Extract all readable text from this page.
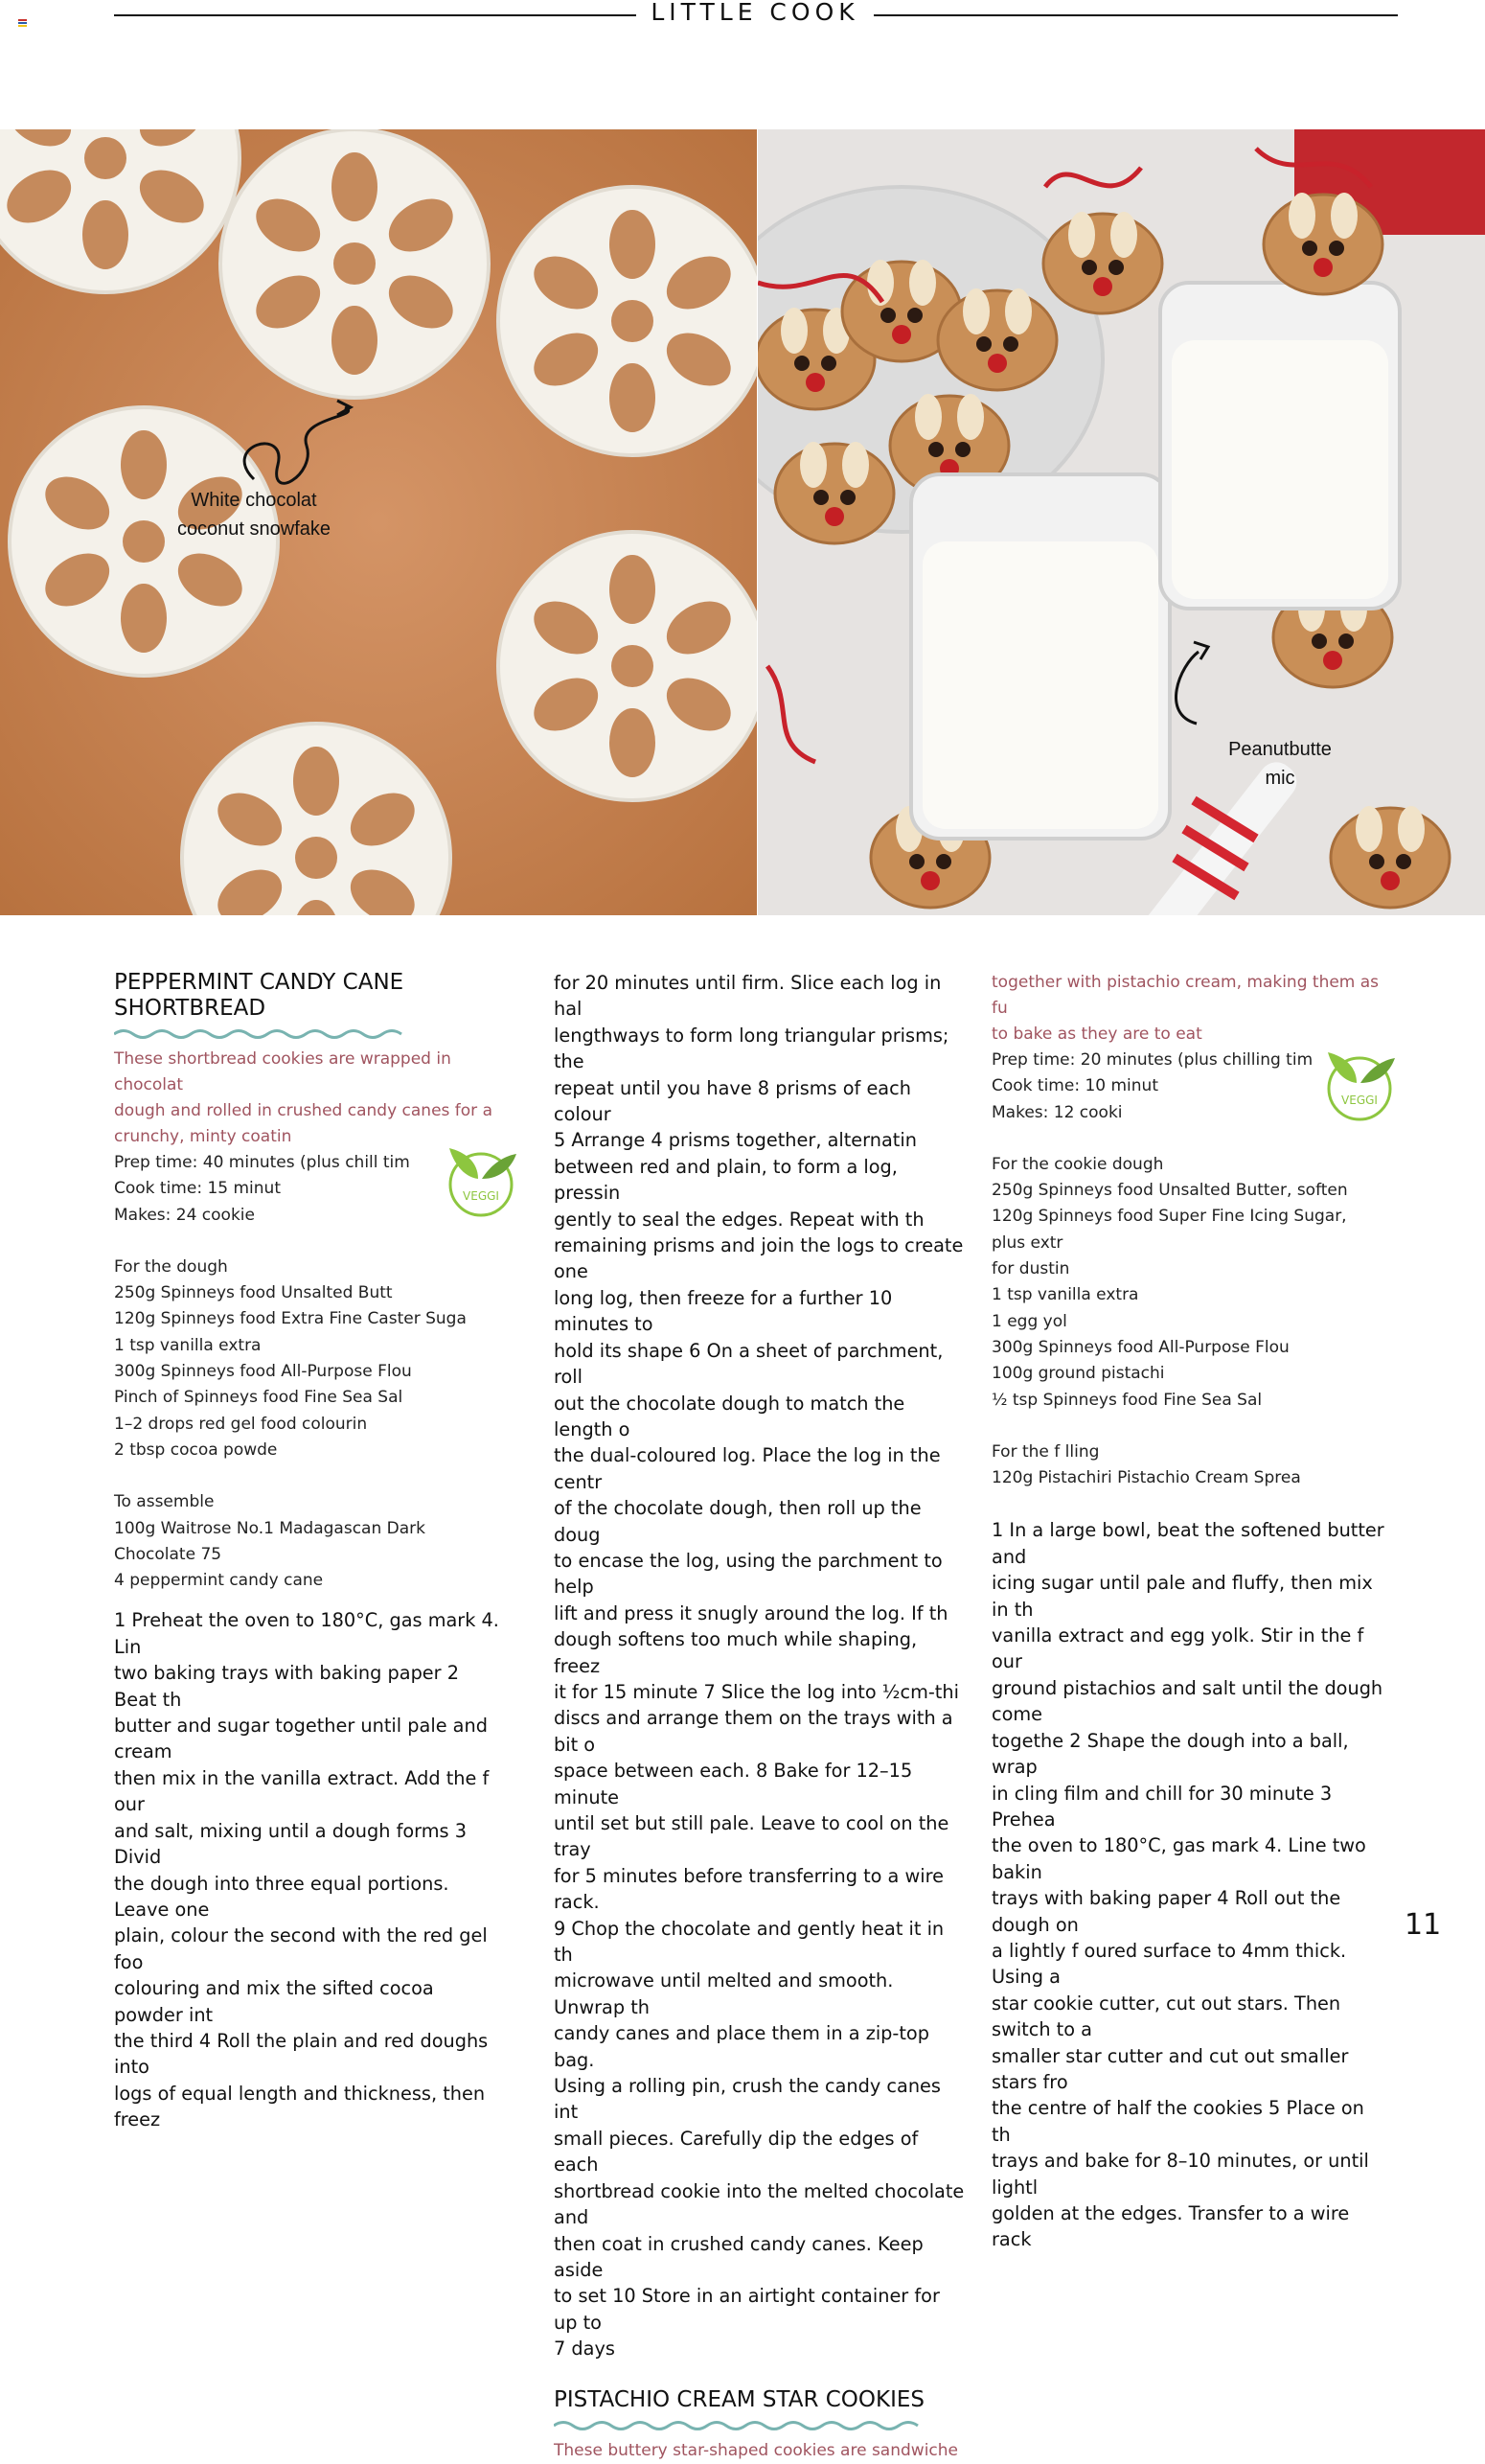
LITTLE COOK
White chocolat
coconut snowfake
Peanutbutte
mic
PEPPERMINT CANDY CANE
SHORTBREAD
These shortbread cookies are wrapped in chocolat
dough and rolled in crushed candy canes for a
crunchy, minty coatin
Prep time: 40 minutes (plus chill tim
Cook time: 15 minut
Makes: 24 cookie
For the dough
250g Spinneys food Unsalted Butt
120g Spinneys food Extra Fine Caster Suga
1 tsp vanilla extra
300g Spinneys food All-Purpose Flou
Pinch of Spinneys food Fine Sea Sal
1–2 drops red gel food colourin
2 tbsp cocoa powde
To assemble
100g Waitrose No.1 Madagascan Dark Chocolate 75
4 peppermint candy cane
1 Preheat the oven to 180°C, gas mark 4. Lin
two baking trays with baking paper 2 Beat th
butter and sugar together until pale and cream
then mix in the vanilla extract. Add the f our
and salt, mixing until a dough forms 3 Divid
the dough into three equal portions. Leave one
plain, colour the second with the red gel foo
colouring and mix the sifted cocoa powder int
the third 4 Roll the plain and red doughs into
logs of equal length and thickness, then freez
VEGGI
for 20 minutes until firm. Slice each log in hal
lengthways to form long triangular prisms; the
repeat until you have 8 prisms of each colour
5 Arrange 4 prisms together, alternatin
between red and plain, to form a log, pressin
gently to seal the edges. Repeat with th
remaining prisms and join the logs to create one
long log, then freeze for a further 10 minutes to
hold its shape 6 On a sheet of parchment, roll
out the chocolate dough to match the length o
the dual-coloured log. Place the log in the centr
of the chocolate dough, then roll up the doug
to encase the log, using the parchment to help
lift and press it snugly around the log. If th
dough softens too much while shaping, freez
it for 15 minute 7 Slice the log into ½cm-thi
discs and arrange them on the trays with a bit o
space between each. 8 Bake for 12–15 minute
until set but still pale. Leave to cool on the tray
for 5 minutes before transferring to a wire rack.
9 Chop the chocolate and gently heat it in th
microwave until melted and smooth. Unwrap th
candy canes and place them in a zip-top bag.
Using a rolling pin, crush the candy canes int
small pieces. Carefully dip the edges of each
shortbread cookie into the melted chocolate and
then coat in crushed candy canes. Keep aside
to set 10 Store in an airtight container for up to
7 days
PISTACHIO CREAM STAR COOKIES
These buttery star-shaped cookies are sandwiche
together with pistachio cream, making them as fu
to bake as they are to eat
Prep time: 20 minutes (plus chilling tim
Cook time: 10 minut
Makes: 12 cooki
For the cookie dough
250g Spinneys food Unsalted Butter, soften
120g Spinneys food Super Fine Icing Sugar, plus extr
for dustin
1 tsp vanilla extra
1 egg yol
300g Spinneys food All-Purpose Flou
100g ground pistachi
½ tsp Spinneys food Fine Sea Sal
For the f lling
120g Pistachiri Pistachio Cream Sprea
1 In a large bowl, beat the softened butter and
icing sugar until pale and fluffy, then mix in th
vanilla extract and egg yolk. Stir in the f our
ground pistachios and salt until the dough come
togethe 2 Shape the dough into a ball, wrap
in cling film and chill for 30 minute 3 Prehea
the oven to 180°C, gas mark 4. Line two bakin
trays with baking paper 4 Roll out the dough on
a lightly f oured surface to 4mm thick. Using a
star cookie cutter, cut out stars. Then switch to a
smaller star cutter and cut out smaller stars fro
the centre of half the cookies 5 Place on th
trays and bake for 8–10 minutes, or until lightl
golden at the edges. Transfer to a wire rack
VEGGI
11
